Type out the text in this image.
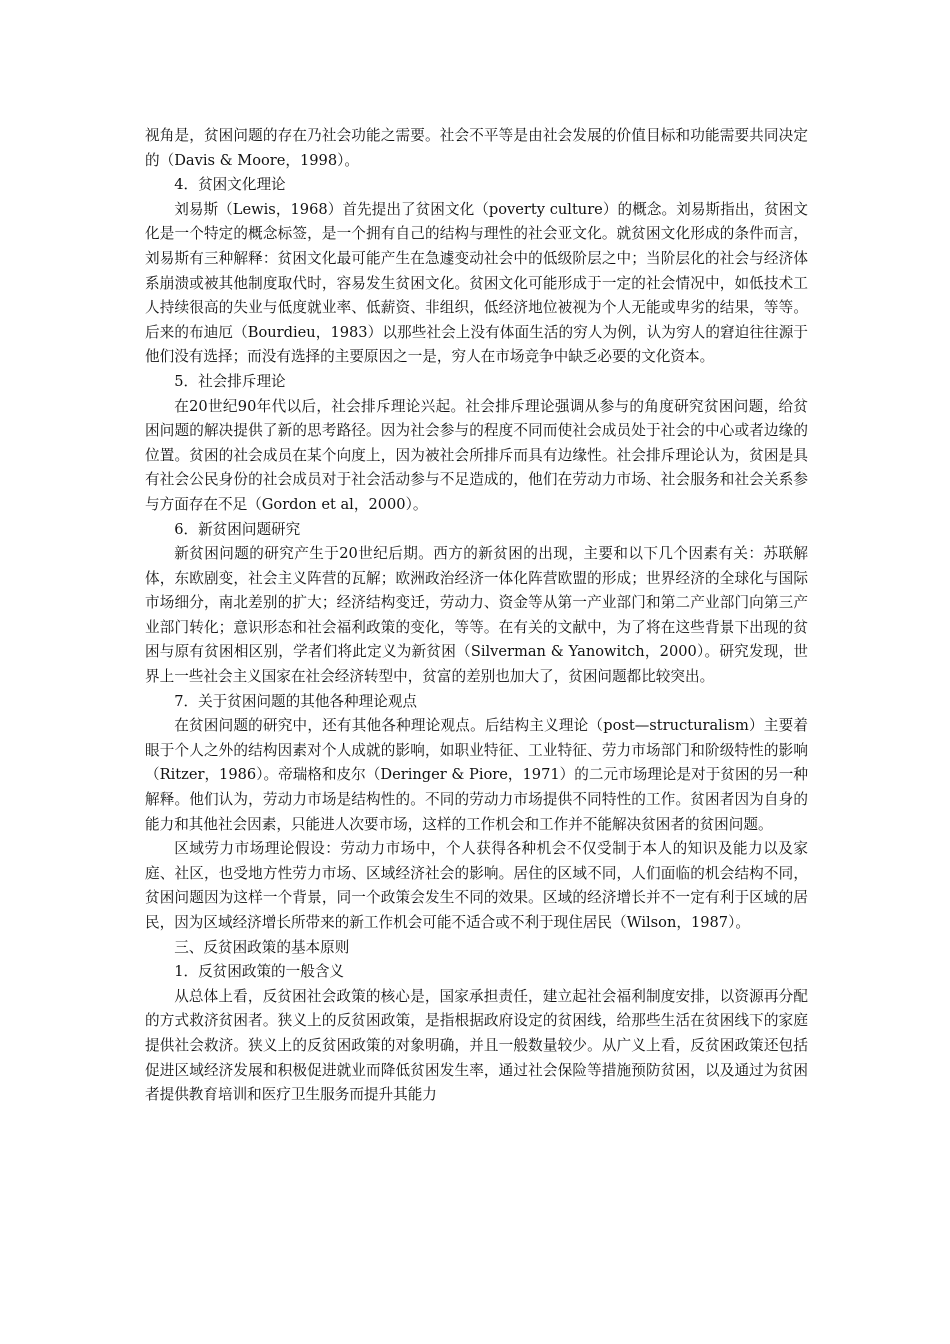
视角是，贫困问题的存在乃社会功能之需要。社会不平等是由社会发展的价值目标和功能需要共同决定的（Davis & Moore，1998）。

4．贫困文化理论

刘易斯（Lewis，1968）首先提出了贫困文化（poverty culture）的概念。刘易斯指出，贫困文化是一个特定的概念标签，是一个拥有自己的结构与理性的社会亚文化。就贫困文化形成的条件而言，刘易斯有三种解释：贫困文化最可能产生在急遽变动社会中的低级阶层之中；当阶层化的社会与经济体系崩溃或被其他制度取代时，容易发生贫困文化。贫困文化可能形成于一定的社会情况中，如低技术工人持续很高的失业与低度就业率、低薪资、非组织，低经济地位被视为个人无能或卑劣的结果，等等。后来的布迪厄（Bourdieu，1983）以那些社会上没有体面生活的穷人为例，认为穷人的窘迫往往源于他们没有选择；而没有选择的主要原因之一是，穷人在市场竞争中缺乏必要的文化资本。

5．社会排斥理论

在20世纪90年代以后，社会排斥理论兴起。社会排斥理论强调从参与的角度研究贫困问题，给贫困问题的解决提供了新的思考路径。因为社会参与的程度不同而使社会成员处于社会的中心或者边缘的位置。贫困的社会成员在某个向度上，因为被社会所排斥而具有边缘性。社会排斥理论认为，贫困是具有社会公民身份的社会成员对于社会活动参与不足造成的，他们在劳动力市场、社会服务和社会关系参与方面存在不足（Gordon et al，2000）。

6．新贫困问题研究

新贫困问题的研究产生于20世纪后期。西方的新贫困的出现，主要和以下几个因素有关：苏联解体，东欧剧变，社会主义阵营的瓦解；欧洲政治经济一体化阵营欧盟的形成；世界经济的全球化与国际市场细分，南北差别的扩大；经济结构变迁，劳动力、资金等从第一产业部门和第二产业部门向第三产业部门转化；意识形态和社会福利政策的变化，等等。在有关的文献中，为了将在这些背景下出现的贫困与原有贫困相区别，学者们将此定义为新贫困（Silverman & Yanowitch，2000）。研究发现，世界上一些社会主义国家在社会经济转型中，贫富的差别也加大了，贫困问题都比较突出。

7．关于贫困问题的其他各种理论观点

在贫困问题的研究中，还有其他各种理论观点。后结构主义理论（post—structuralism）主要着眼于个人之外的结构因素对个人成就的影响，如职业特征、工业特征、劳力市场部门和阶级特性的影响（Ritzer，1986）。帝瑞格和皮尔（Deringer & Piore，1971）的二元市场理论是对于贫困的另一种解释。他们认为，劳动力市场是结构性的。不同的劳动力市场提供不同特性的工作。贫困者因为自身的能力和其他社会因素，只能进人次要市场，这样的工作机会和工作并不能解决贫困者的贫困问题。

区域劳力市场理论假设：劳动力市场中，个人获得各种机会不仅受制于本人的知识及能力以及家庭、社区，也受地方性劳力市场、区域经济社会的影响。居住的区域不同，人们面临的机会结构不同，贫困问题因为这样一个背景，同一个政策会发生不同的效果。区域的经济增长并不一定有利于区域的居民，因为区域经济增长所带来的新工作机会可能不适合或不利于现住居民（Wilson，1987）。

三、反贫困政策的基本原则

1．反贫困政策的一般含义

从总体上看，反贫困社会政策的核心是，国家承担责任，建立起社会福利制度安排，以资源再分配的方式救济贫困者。狭义上的反贫困政策，是指根据政府设定的贫困线，给那些生活在贫困线下的家庭提供社会救济。狭义上的反贫困政策的对象明确，并且一般数量较少。从广义上看，反贫困政策还包括促进区域经济发展和积极促进就业而降低贫困发生率，通过社会保险等措施预防贫困，以及通过为贫困者提供教育培训和医疗卫生服务而提升其能力
